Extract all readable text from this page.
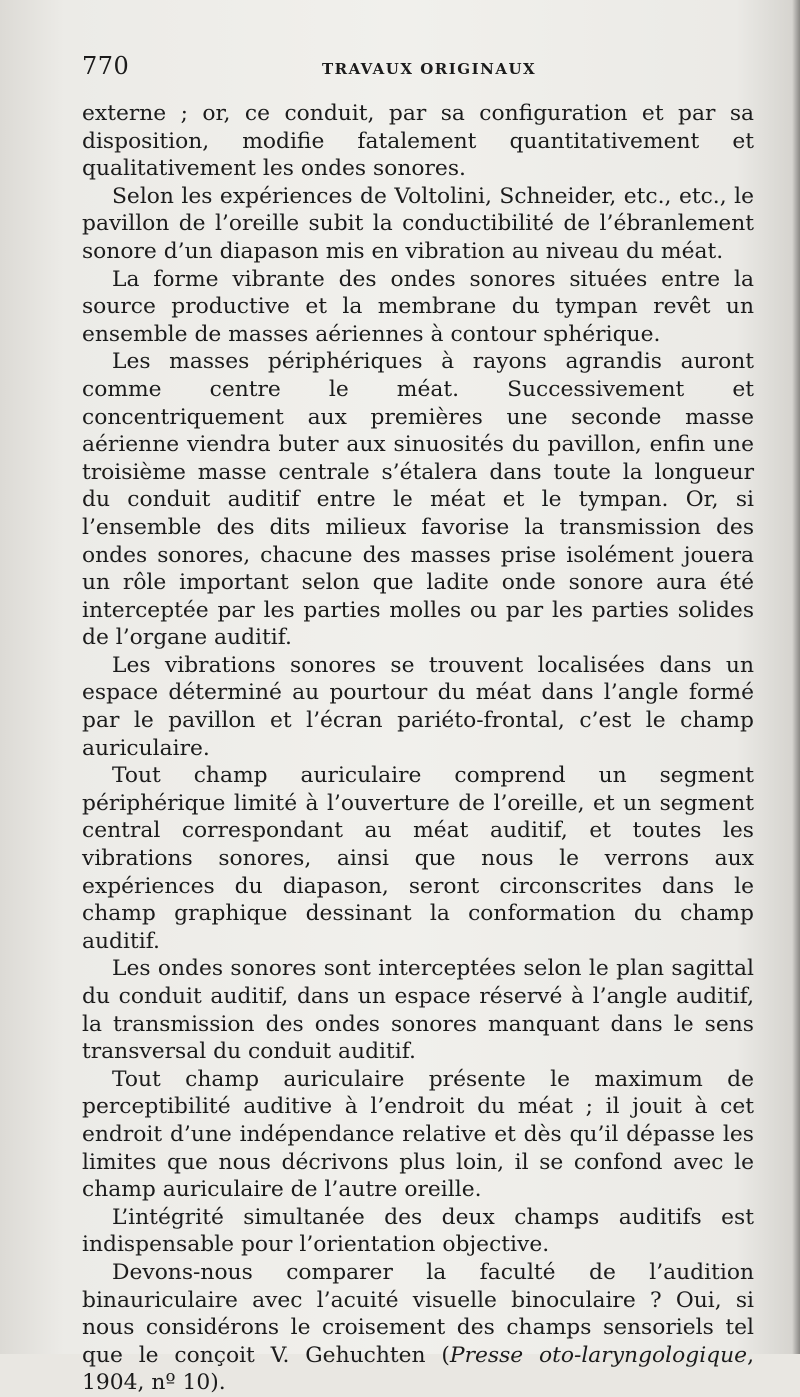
770	TRAVAUX ORIGINAUX

externe ; or, ce conduit, par sa configuration et par sa disposition, modifie fatalement quantitativement et qualitativement les ondes sonores.

Selon les expériences de Voltolini, Schneider, etc., etc., le pavillon de l’oreille subit la conductibilité de l’ébranlement sonore d’un diapason mis en vibration au niveau du méat.

La forme vibrante des ondes sonores situées entre la source productive et la membrane du tympan revêt un ensemble de masses aériennes à contour sphérique.

Les masses périphériques à rayons agrandis auront comme centre le méat. Successivement et concentriquement aux premières une seconde masse aérienne viendra buter aux sinuosités du pavillon, enfin une troisième masse centrale s’étalera dans toute la longueur du conduit auditif entre le méat et le tympan. Or, si l’ensemble des dits milieux favorise la transmission des ondes sonores, chacune des masses prise isolément jouera un rôle important selon que ladite onde sonore aura été interceptée par les parties molles ou par les parties solides de l’organe auditif.

Les vibrations sonores se trouvent localisées dans un espace déterminé au pourtour du méat dans l’angle formé par le pavillon et l’écran pariéto-frontal, c’est le champ auriculaire.

Tout champ auriculaire comprend un segment périphérique limité à l’ouverture de l’oreille, et un segment central correspondant au méat auditif, et toutes les vibrations sonores, ainsi que nous le verrons aux expériences du diapason, seront circonscrites dans le champ graphique dessinant la conformation du champ auditif.

Les ondes sonores sont interceptées selon le plan sagittal du conduit auditif, dans un espace réservé à l’angle auditif, la transmission des ondes sonores manquant dans le sens transversal du conduit auditif.

Tout champ auriculaire présente le maximum de perceptibilité auditive à l’endroit du méat ; il jouit à cet endroit d’une indépendance relative et dès qu’il dépasse les limites que nous décrivons plus loin, il se confond avec le champ auriculaire de l’autre oreille.

L’intégrité simultanée des deux champs auditifs est indispensable pour l’orientation objective.

Devons-nous comparer la faculté de l’audition binauriculaire avec l’acuité visuelle binoculaire ? Oui, si nous considérons le croisement des champs sensoriels tel que le conçoit V. Gehuchten (Presse oto-laryngologique, 1904, nº 10).
